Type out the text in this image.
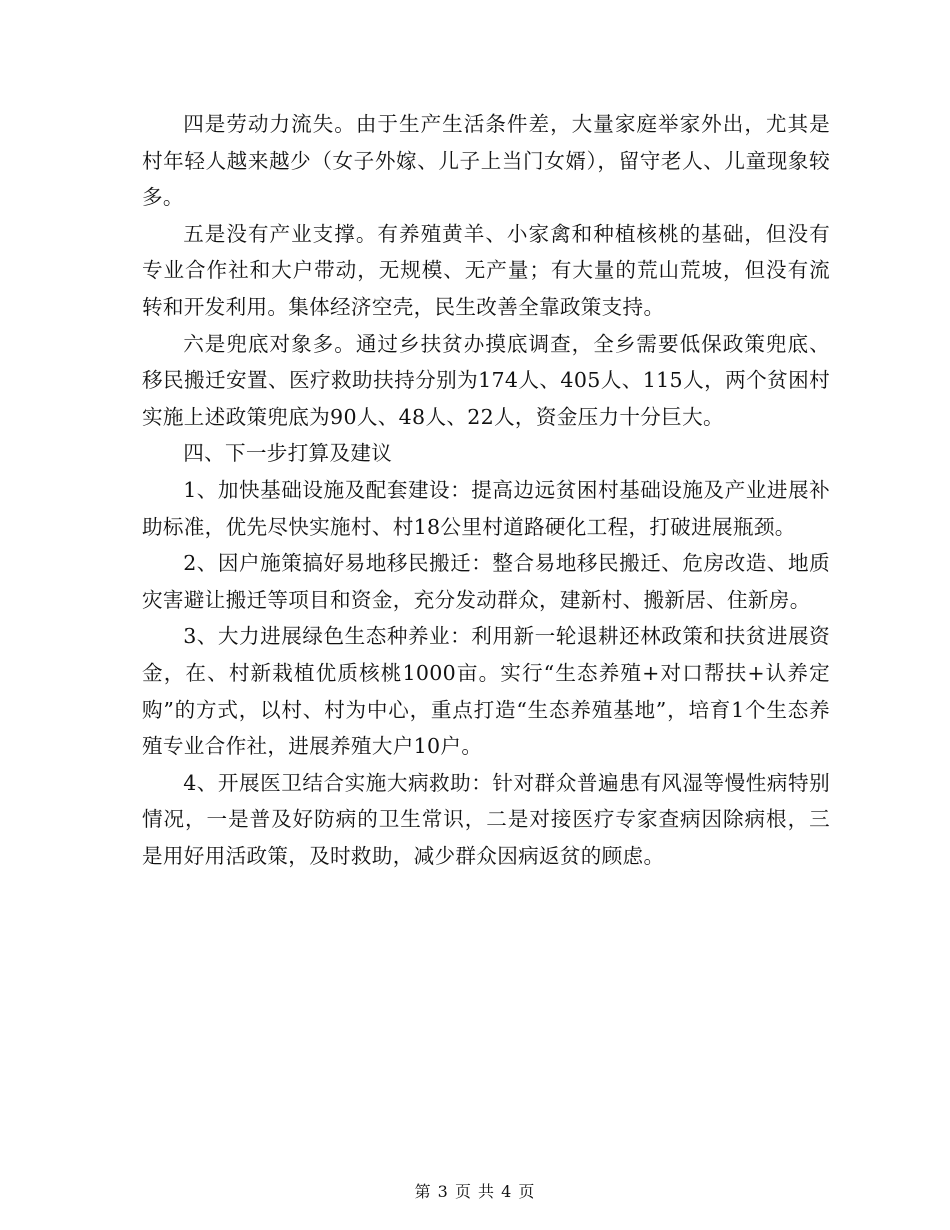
四是劳动力流失。由于生产生活条件差，大量家庭举家外出，尤其是村年轻人越来越少（女子外嫁、儿子上当门女婿），留守老人、儿童现象较多。

五是没有产业支撑。有养殖黄羊、小家禽和种植核桃的基础，但没有专业合作社和大户带动，无规模、无产量；有大量的荒山荒坡，但没有流转和开发利用。集体经济空壳，民生改善全靠政策支持。

六是兜底对象多。通过乡扶贫办摸底调查，全乡需要低保政策兜底、移民搬迁安置、医疗救助扶持分别为174人、405人、115人，两个贫困村实施上述政策兜底为90人、48人、22人，资金压力十分巨大。

四、下一步打算及建议

1、加快基础设施及配套建设：提高边远贫困村基础设施及产业进展补助标准，优先尽快实施村、村18公里村道路硬化工程，打破进展瓶颈。

2、因户施策搞好易地移民搬迁：整合易地移民搬迁、危房改造、地质灾害避让搬迁等项目和资金，充分发动群众，建新村、搬新居、住新房。

3、大力进展绿色生态种养业：利用新一轮退耕还林政策和扶贫进展资金，在、村新栽植优质核桃1000亩。实行“生态养殖+对口帮扶+认养定购”的方式，以村、村为中心，重点打造“生态养殖基地”，培育1个生态养殖专业合作社，进展养殖大户10户。

4、开展医卫结合实施大病救助：针对群众普遍患有风湿等慢性病特别情况，一是普及好防病的卫生常识，二是对接医疗专家查病因除病根，三是用好用活政策，及时救助，减少群众因病返贫的顾虑。

第 3 页 共 4 页
